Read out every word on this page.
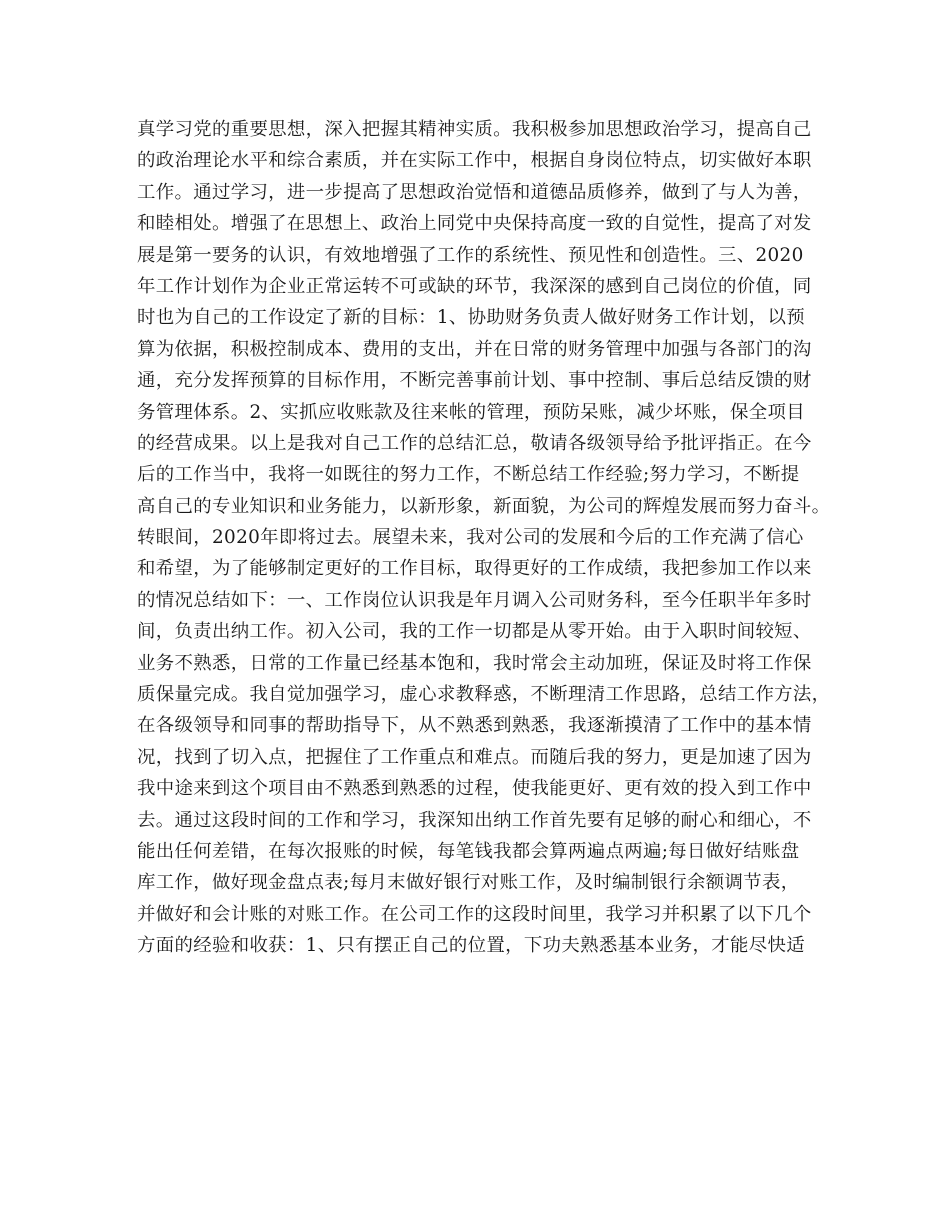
真学习党的重要思想，深入把握其精神实质。我积极参加思想政治学习，提高自己
的政治理论水平和综合素质，并在实际工作中，根据自身岗位特点，切实做好本职
工作。通过学习，进一步提高了思想政治觉悟和道德品质修养，做到了与人为善，
和睦相处。增强了在思想上、政治上同党中央保持高度一致的自觉性，提高了对发
展是第一要务的认识，有效地增强了工作的系统性、预见性和创造性。三、2020
年工作计划作为企业正常运转不可或缺的环节，我深深的感到自己岗位的价值，同
时也为自己的工作设定了新的目标：1、协助财务负责人做好财务工作计划，以预
算为依据，积极控制成本、费用的支出，并在日常的财务管理中加强与各部门的沟
通，充分发挥预算的目标作用，不断完善事前计划、事中控制、事后总结反馈的财
务管理体系。2、实抓应收账款及往来帐的管理，预防呆账，减少坏账，保全项目
的经营成果。以上是我对自己工作的总结汇总，敬请各级领导给予批评指正。在今
后的工作当中，我将一如既往的努力工作，不断总结工作经验;努力学习，不断提
高自己的专业知识和业务能力，以新形象，新面貌，为公司的辉煌发展而努力奋斗。
转眼间，2020年即将过去。展望未来，我对公司的发展和今后的工作充满了信心
和希望，为了能够制定更好的工作目标，取得更好的工作成绩，我把参加工作以来
的情况总结如下：一、工作岗位认识我是年月调入公司财务科，至今任职半年多时
间，负责出纳工作。初入公司，我的工作一切都是从零开始。由于入职时间较短、
业务不熟悉，日常的工作量已经基本饱和，我时常会主动加班，保证及时将工作保
质保量完成。我自觉加强学习，虚心求教释惑，不断理清工作思路，总结工作方法，
在各级领导和同事的帮助指导下，从不熟悉到熟悉，我逐渐摸清了工作中的基本情
况，找到了切入点，把握住了工作重点和难点。而随后我的努力，更是加速了因为
我中途来到这个项目由不熟悉到熟悉的过程，使我能更好、更有效的投入到工作中
去。通过这段时间的工作和学习，我深知出纳工作首先要有足够的耐心和细心，不
能出任何差错，在每次报账的时候，每笔钱我都会算两遍点两遍;每日做好结账盘
库工作，做好现金盘点表;每月末做好银行对账工作，及时编制银行余额调节表，
并做好和会计账的对账工作。在公司工作的这段时间里，我学习并积累了以下几个
方面的经验和收获：1、只有摆正自己的位置，下功夫熟悉基本业务，才能尽快适
